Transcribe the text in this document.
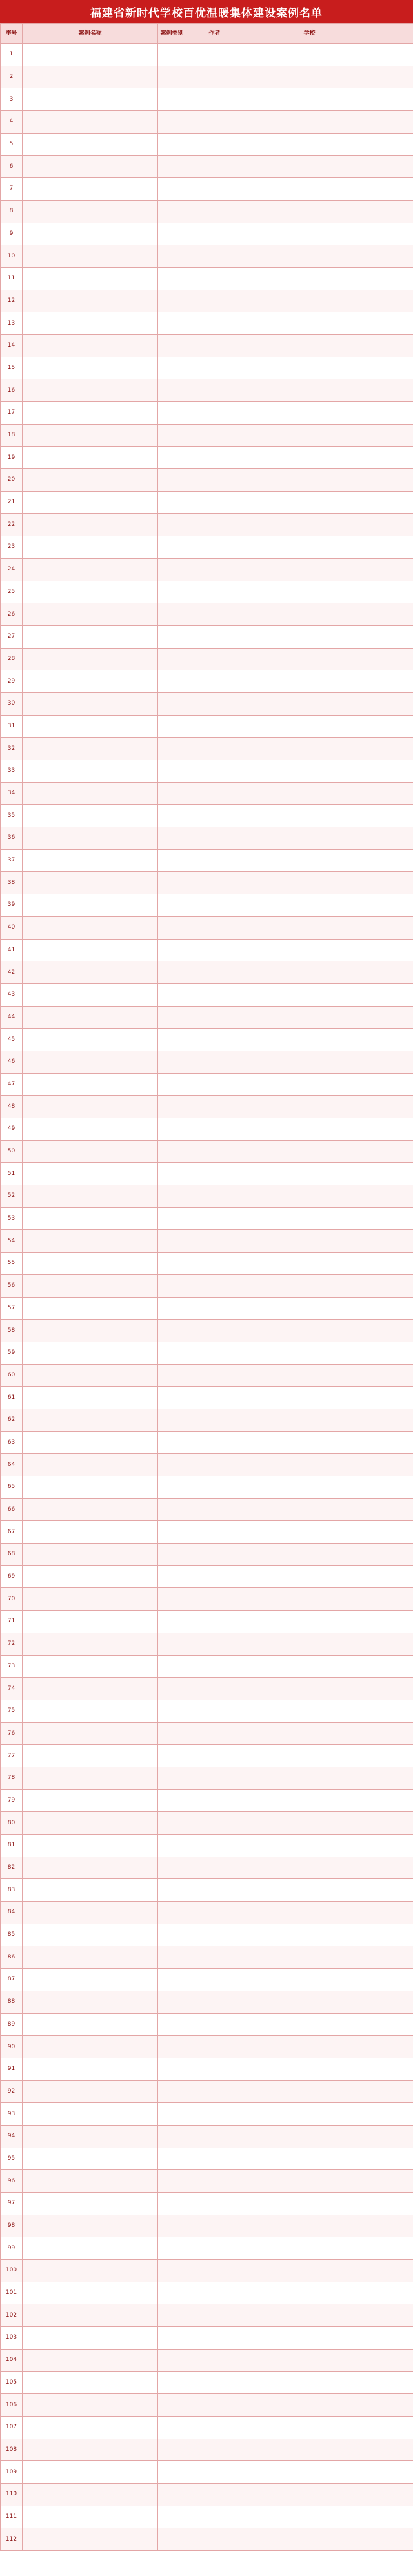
福建省新时代学校百优温暖集体建设案例名单
序号	案例名称	案例类别	作者	学校	
1					
2					
3					
4					
5					
6					
7					
8					
9					
10					
11					
12					
13					
14					
15					
16					
17					
18					
19					
20					
21					
22					
23					
24					
25					
26					
27					
28					
29					
30					
31					
32					
33					
34					
35					
36					
37					
38					
39					
40					
41					
42					
43					
44					
45					
46					
47					
48					
49					
50					
51					
52					
53					
54					
55					
56					
57					
58					
59					
60					
61					
62					
63					
64					
65					
66					
67					
68					
69					
70					
71					
72					
73					
74					
75					
76					
77					
78					
79					
80					
81					
82					
83					
84					
85					
86					
87					
88					
89					
90					
91					
92					
93					
94					
95					
96					
97					
98					
99					
100					
101					
102					
103					
104					
105					
106					
107					
108					
109					
110					
111					
112					
